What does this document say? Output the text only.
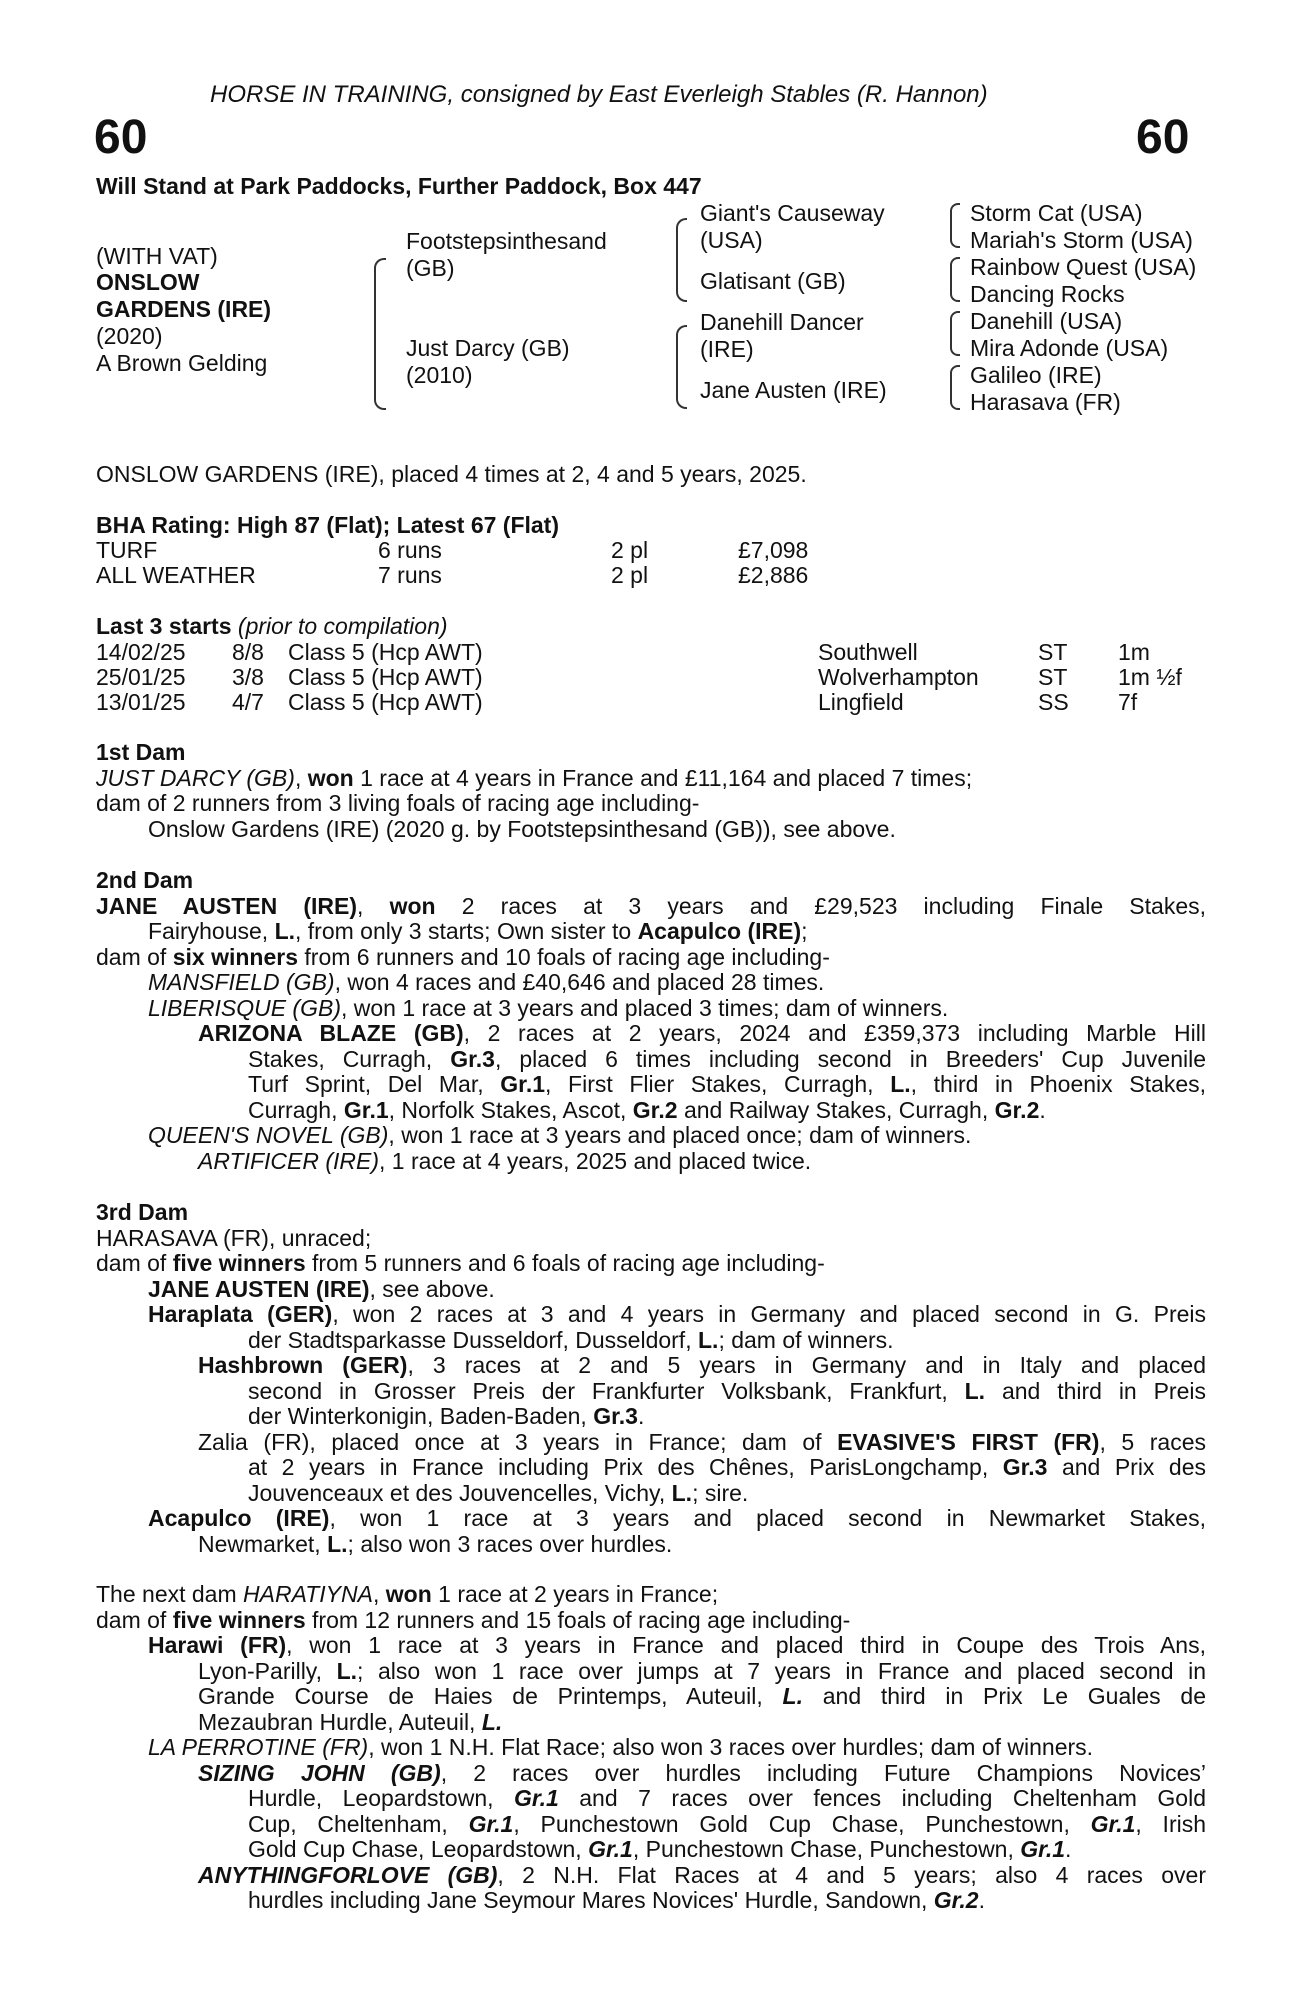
HORSE IN TRAINING, consigned by East Everleigh Stables (R. Hannon)
60	60
Will Stand at Park Paddocks, Further Paddock, Box 447
(WITH VAT)
ONSLOW
GARDENS (IRE)
(2020)
A Brown Gelding
Footstepsinthesand
(GB)
Just Darcy (GB)
(2010)
Giant's Causeway
(USA)
Glatisant (GB)
Danehill Dancer
(IRE)
Jane Austen (IRE)
Storm Cat (USA)
Mariah's Storm (USA)
Rainbow Quest (USA)
Dancing Rocks
Danehill (USA)
Mira Adonde (USA)
Galileo (IRE)
Harasava (FR)
ONSLOW GARDENS (IRE), placed 4 times at 2, 4 and 5 years, 2025.
BHA Rating: High 87 (Flat); Latest 67 (Flat)
TURF	6 runs	2 pl	£7,098
ALL WEATHER	7 runs	2 pl	£2,886
Last 3 starts (prior to compilation)
14/02/25 8/8 Class 5 (Hcp AWT)	Southwell	ST 1m
25/01/25 3/8 Class 5 (Hcp AWT)	Wolverhampton	ST 1m ½f
13/01/25 4/7 Class 5 (Hcp AWT)	Lingfield	SS 7f
1st Dam
JUST DARCY (GB), won 1 race at 4 years in France and £11,164 and placed 7 times;
dam of 2 runners from 3 living foals of racing age including-
Onslow Gardens (IRE) (2020 g. by Footstepsinthesand (GB)), see above.
2nd Dam
JANE AUSTEN (IRE), won 2 races at 3 years and £29,523 including Finale Stakes,
Fairyhouse, L., from only 3 starts; Own sister to Acapulco (IRE);
dam of six winners from 6 runners and 10 foals of racing age including-
MANSFIELD (GB), won 4 races and £40,646 and placed 28 times.
LIBERISQUE (GB), won 1 race at 3 years and placed 3 times; dam of winners.
ARIZONA BLAZE (GB), 2 races at 2 years, 2024 and £359,373 including Marble Hill
Stakes, Curragh, Gr.3, placed 6 times including second in Breeders' Cup Juvenile
Turf Sprint, Del Mar, Gr.1, First Flier Stakes, Curragh, L., third in Phoenix Stakes,
Curragh, Gr.1, Norfolk Stakes, Ascot, Gr.2 and Railway Stakes, Curragh, Gr.2.
QUEEN'S NOVEL (GB), won 1 race at 3 years and placed once; dam of winners.
ARTIFICER (IRE), 1 race at 4 years, 2025 and placed twice.
3rd Dam
HARASAVA (FR), unraced;
dam of five winners from 5 runners and 6 foals of racing age including-
JANE AUSTEN (IRE), see above.
Haraplata (GER), won 2 races at 3 and 4 years in Germany and placed second in G. Preis
der Stadtsparkasse Dusseldorf, Dusseldorf, L.; dam of winners.
Hashbrown (GER), 3 races at 2 and 5 years in Germany and in Italy and placed
second in Grosser Preis der Frankfurter Volksbank, Frankfurt, L. and third in Preis
der Winterkonigin, Baden-Baden, Gr.3.
Zalia (FR), placed once at 3 years in France; dam of EVASIVE'S FIRST (FR), 5 races
at 2 years in France including Prix des Chênes, ParisLongchamp, Gr.3 and Prix des
Jouvenceaux et des Jouvencelles, Vichy, L.; sire.
Acapulco (IRE), won 1 race at 3 years and placed second in Newmarket Stakes,
Newmarket, L.; also won 3 races over hurdles.
The next dam HARATIYNA, won 1 race at 2 years in France;
dam of five winners from 12 runners and 15 foals of racing age including-
Harawi (FR), won 1 race at 3 years in France and placed third in Coupe des Trois Ans,
Lyon-Parilly, L.; also won 1 race over jumps at 7 years in France and placed second in
Grande Course de Haies de Printemps, Auteuil, L. and third in Prix Le Guales de
Mezaubran Hurdle, Auteuil, L.
LA PERROTINE (FR), won 1 N.H. Flat Race; also won 3 races over hurdles; dam of winners.
SIZING JOHN (GB), 2 races over hurdles including Future Champions Novices’
Hurdle, Leopardstown, Gr.1 and 7 races over fences including Cheltenham Gold
Cup, Cheltenham, Gr.1, Punchestown Gold Cup Chase, Punchestown, Gr.1, Irish
Gold Cup Chase, Leopardstown, Gr.1, Punchestown Chase, Punchestown, Gr.1.
ANYTHINGFORLOVE (GB), 2 N.H. Flat Races at 4 and 5 years; also 4 races over
hurdles including Jane Seymour Mares Novices' Hurdle, Sandown, Gr.2.
